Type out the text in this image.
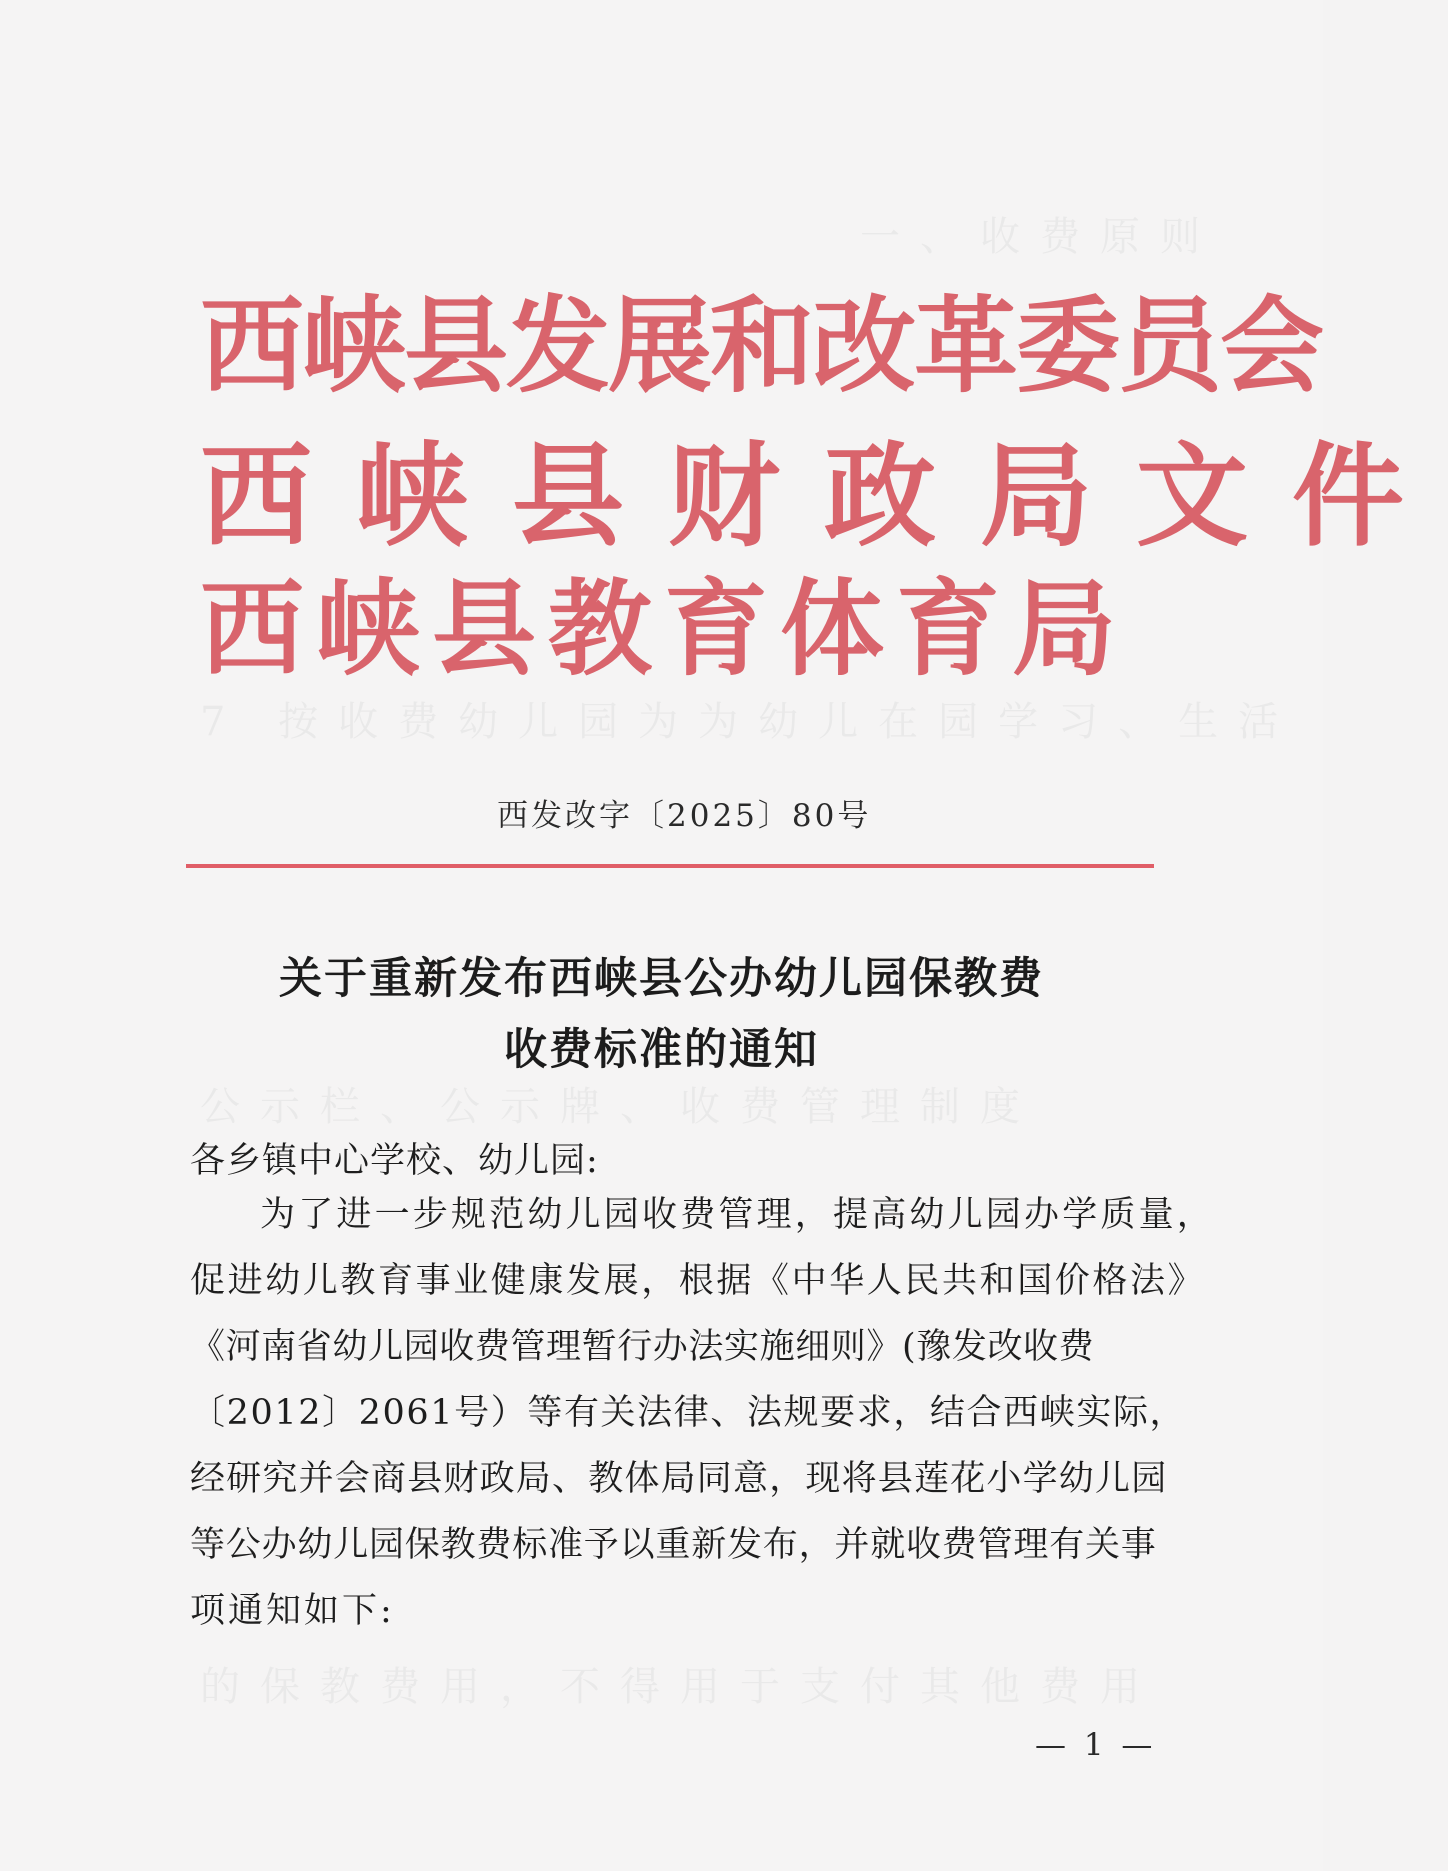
一、收费原则
7 按收费幼儿园为为幼儿在园学习、生活
公示栏、公示牌、收费管理制度
的保教费用，不得用于支付其他费用
西峡县发展和改革委员会
西峡县财政局文件
西峡县教育体育局
西发改字〔2025〕80号
关于重新发布西峡县公办幼儿园保教费
收费标准的通知
各乡镇中心学校、幼儿园:
为了进一步规范幼儿园收费管理，提高幼儿园办学质量，
促进幼儿教育事业健康发展，根据《中华人民共和国价格法》
《河南省幼儿园收费管理暂行办法实施细则》(豫发改收费
〔2012〕2061号）等有关法律、法规要求，结合西峡实际，
经研究并会商县财政局、教体局同意，现将县莲花小学幼儿园
等公办幼儿园保教费标准予以重新发布，并就收费管理有关事
项通知如下:
— 1 —
